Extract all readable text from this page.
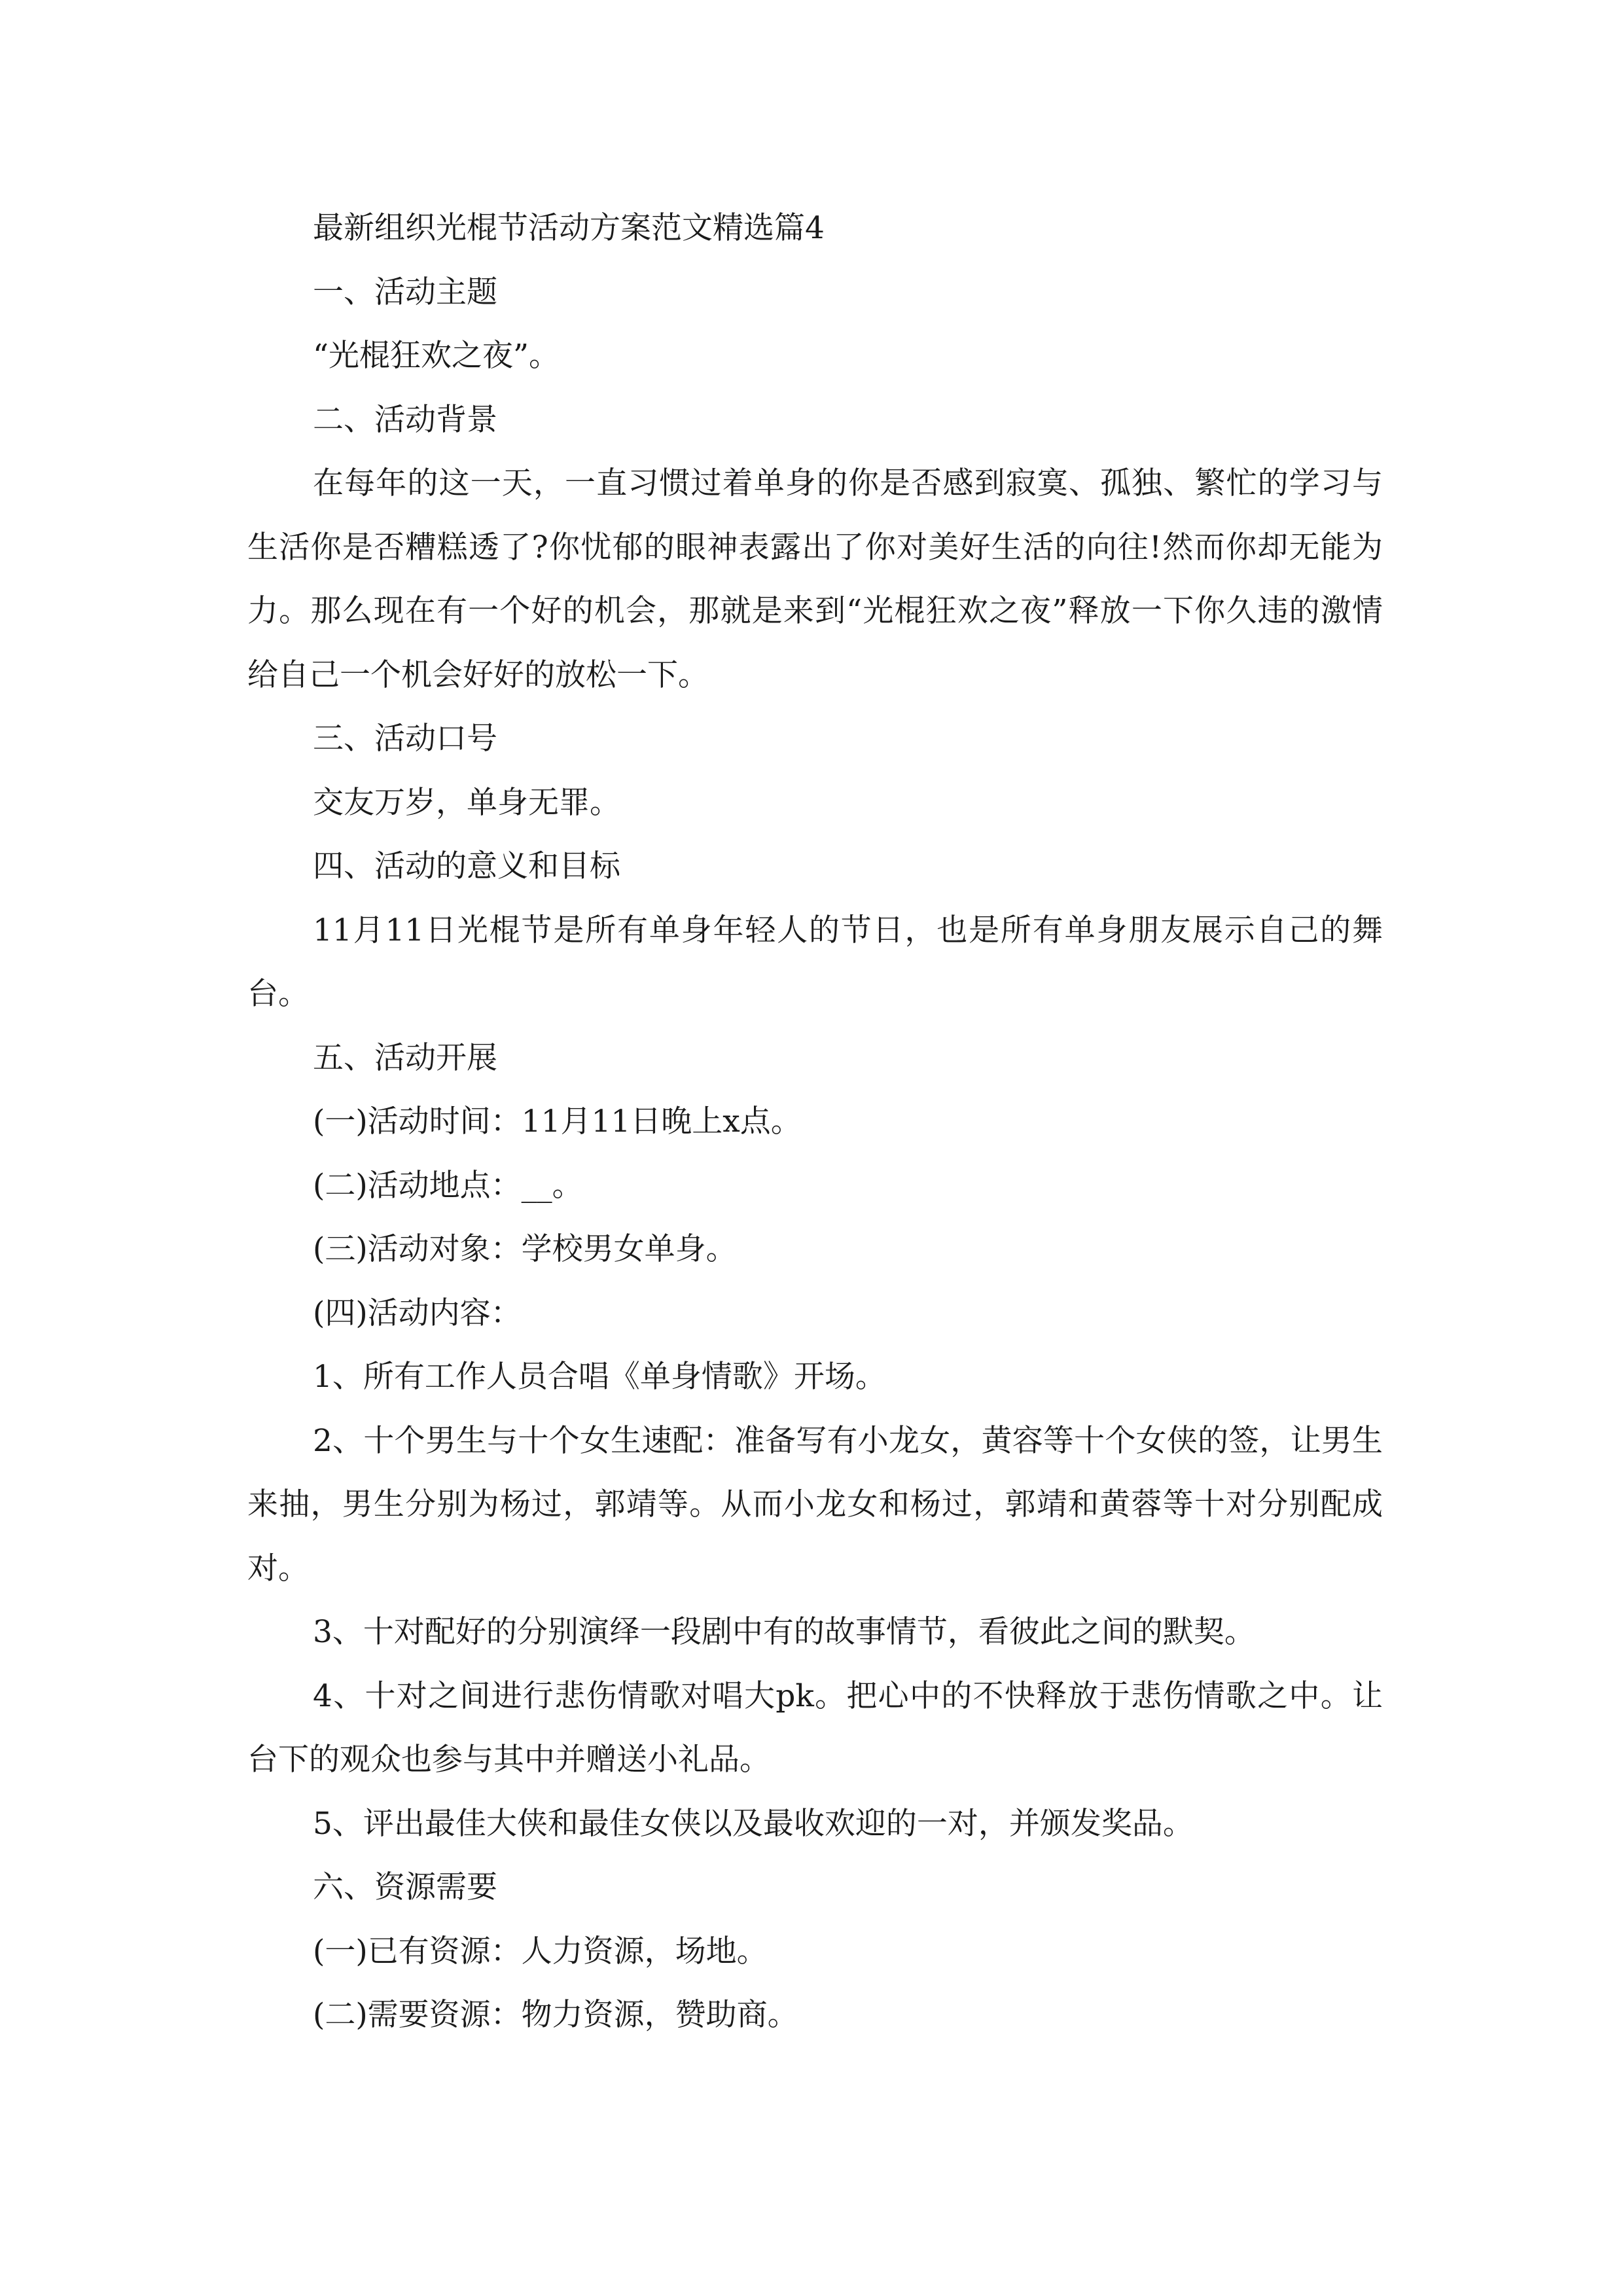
最新组织光棍节活动方案范文精选篇4

一、活动主题

“光棍狂欢之夜”。

二、活动背景

在每年的这一天，一直习惯过着单身的你是否感到寂寞、孤独、繁忙的学习与生活你是否糟糕透了?你忧郁的眼神表露出了你对美好生活的向往!然而你却无能为力。那么现在有一个好的机会，那就是来到“光棍狂欢之夜”释放一下你久违的激情给自己一个机会好好的放松一下。

三、活动口号

交友万岁，单身无罪。

四、活动的意义和目标

11月11日光棍节是所有单身年轻人的节日，也是所有单身朋友展示自己的舞台。

五、活动开展

(一)活动时间：11月11日晚上x点。

(二)活动地点：__。

(三)活动对象：学校男女单身。

(四)活动内容：

1、所有工作人员合唱《单身情歌》开场。

2、十个男生与十个女生速配：准备写有小龙女，黄容等十个女侠的签，让男生来抽，男生分别为杨过，郭靖等。从而小龙女和杨过，郭靖和黄蓉等十对分别配成对。

3、十对配好的分别演绎一段剧中有的故事情节，看彼此之间的默契。

4、十对之间进行悲伤情歌对唱大pk。把心中的不快释放于悲伤情歌之中。让台下的观众也参与其中并赠送小礼品。

5、评出最佳大侠和最佳女侠以及最收欢迎的一对，并颁发奖品。

六、资源需要

(一)已有资源：人力资源，场地。

(二)需要资源：物力资源，赞助商。
